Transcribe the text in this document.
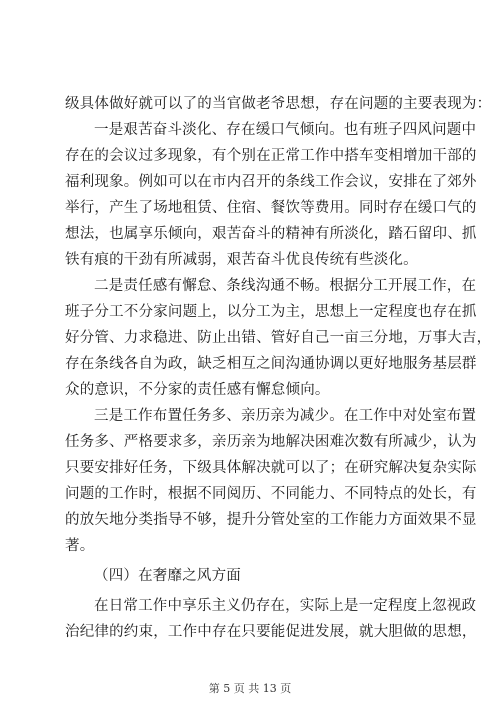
级具体做好就可以了的当官做老爷思想，存在问题的主要表现为：
一是艰苦奋斗淡化、存在缓口气倾向。也有班子四风问题中
存在的会议过多现象，有个别在正常工作中搭车变相增加干部的
福利现象。例如可以在市内召开的条线工作会议，安排在了郊外
举行，产生了场地租赁、住宿、餐饮等费用。同时存在缓口气的
想法，也属享乐倾向，艰苦奋斗的精神有所淡化，踏石留印、抓
铁有痕的干劲有所减弱，艰苦奋斗优良传统有些淡化。
二是责任感有懈怠、条线沟通不畅。根据分工开展工作，在
班子分工不分家问题上，以分工为主，思想上一定程度也存在抓
好分管、力求稳进、防止出错、管好自己一亩三分地，万事大吉，
存在条线各自为政，缺乏相互之间沟通协调以更好地服务基层群
众的意识，不分家的责任感有懈怠倾向。
三是工作布置任务多、亲历亲为减少。在工作中对处室布置
任务多、严格要求多，亲历亲为地解决困难次数有所减少，认为
只要安排好任务，下级具体解决就可以了；在研究解决复杂实际
问题的工作时，根据不同阅历、不同能力、不同特点的处长，有
的放矢地分类指导不够，提升分管处室的工作能力方面效果不显
著。
（四）在奢靡之风方面
在日常工作中享乐主义仍存在，实际上是一定程度上忽视政
治纪律的约束，工作中存在只要能促进发展，就大胆做的思想，
第 5 页 共 13 页
